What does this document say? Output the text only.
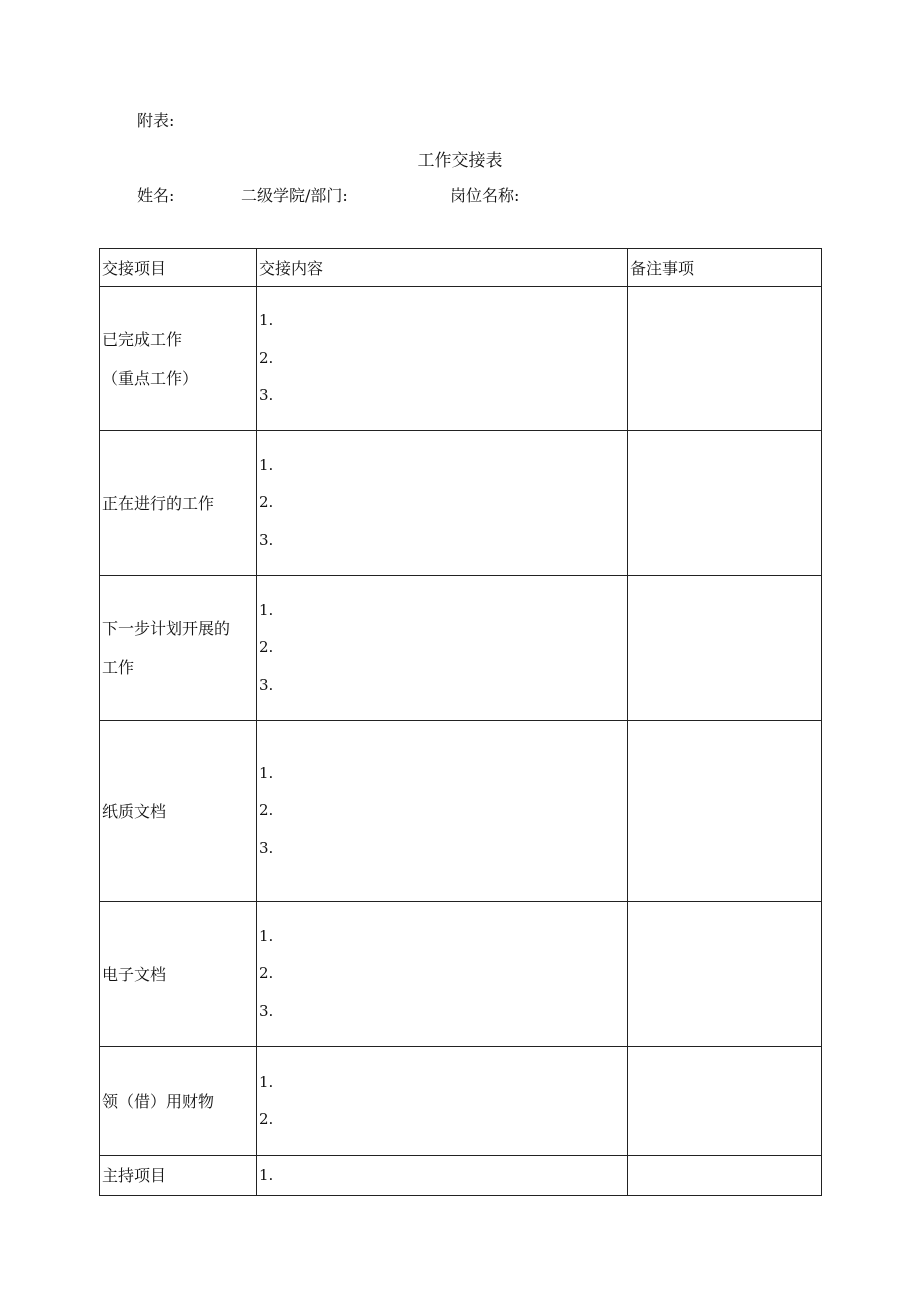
附表:
工作交接表
姓名:	二级学院/部门:	岗位名称:
交接项目	交接内容	备注事项

已完成工作
（重点工作）	1.
2.
3.	

正在进行的工作	1.
2.
3.	

下一步计划开展的
工作	1.
2.
3.	

纸质文档	1.
2.
3.	

电子文档	1.
2.
3.	

领（借）用财物	1.
2.	

主持项目	1.	
